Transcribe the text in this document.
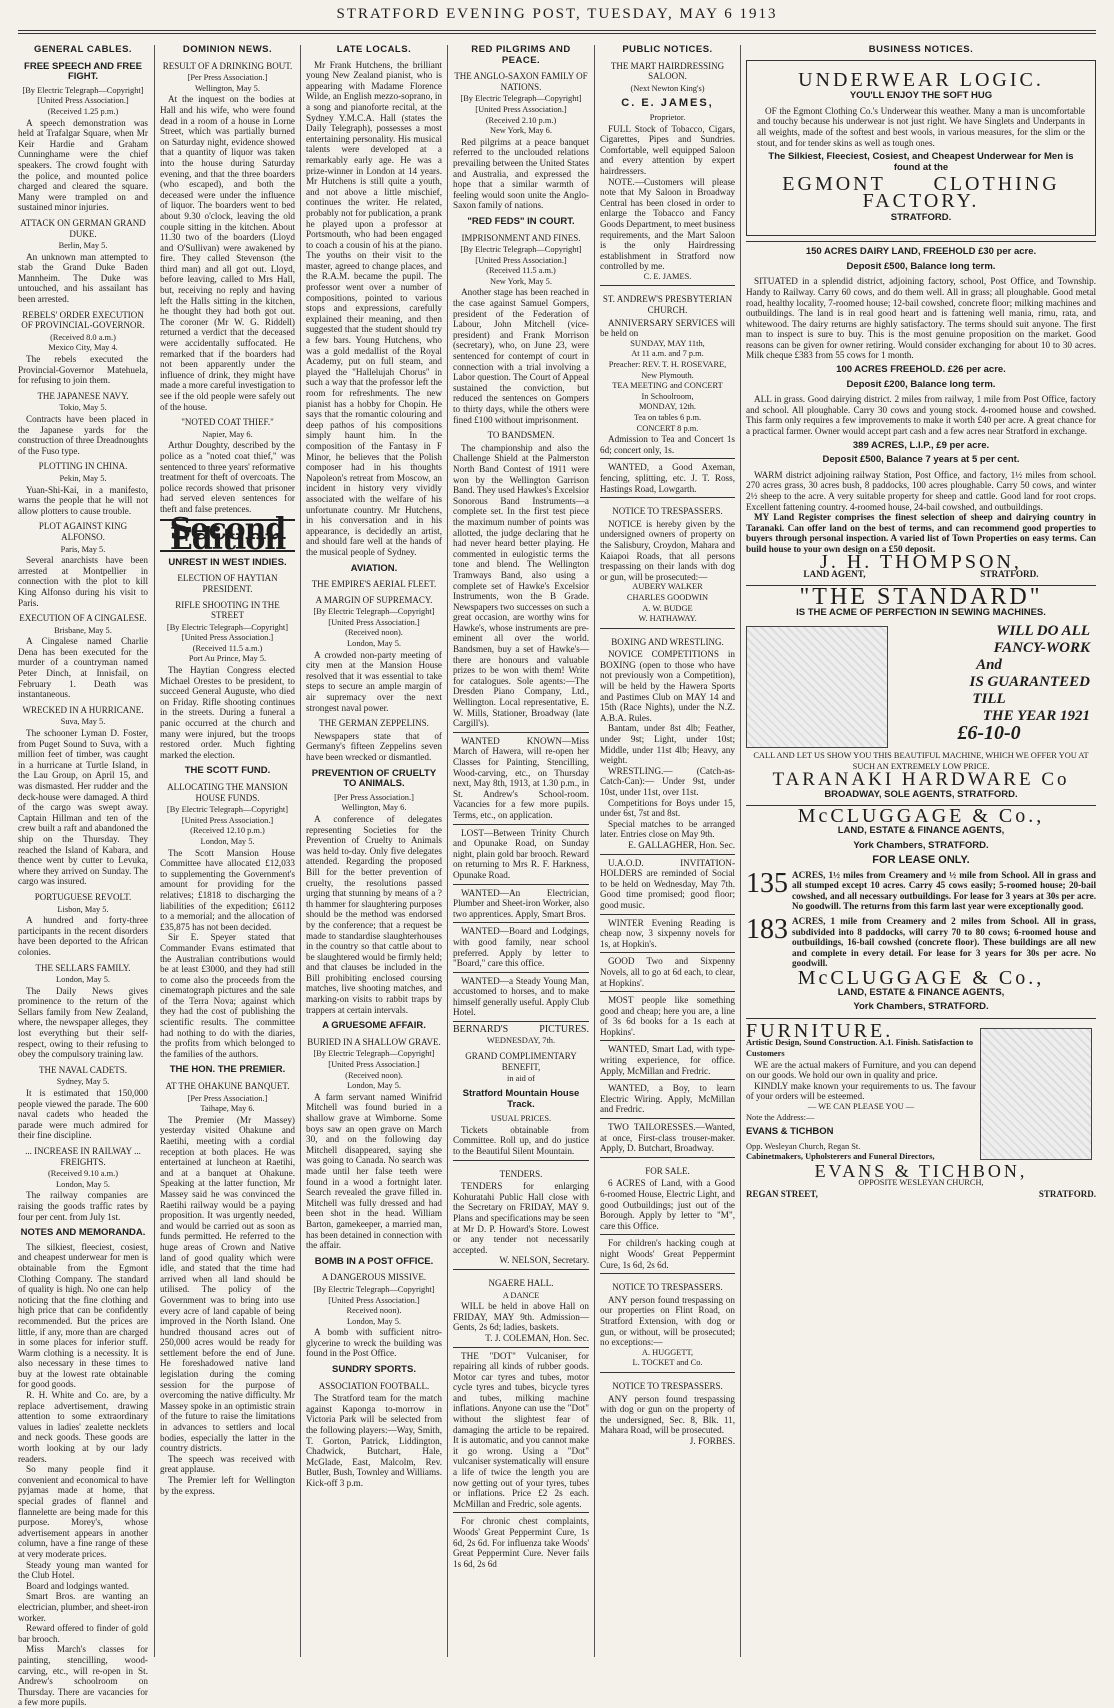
STRATFORD EVENING POST, TUESDAY, MAY 6 1913
GENERAL CABLES.
FREE SPEECH AND FREE FIGHT.
[By Electric Telegraph—Copyright] [United Press Association.]
(Received 1.25 p.m.)

A speech demonstration was held at Trafalgar Square, when Mr Keir Hardie and Graham Cunninghame were the chief speakers. The crowd fought with the police, and mounted police charged and cleared the square. Many were trampled on and sustained minor injuries.

ATTACK ON GERMAN GRAND DUKE.
Berlin, May 5.

An unknown man attempted to stab the Grand Duke Baden Mannheim. The Duke was untouched, and his assailant has been arrested.

REBELS' ORDER EXECUTION OF PROVINCIAL-GOVERNOR.
(Received 8.0 a.m.)
Mexico City, May 4.

The rebels executed the Provincial-Governor Matehuela, for refusing to join them.

THE JAPANESE NAVY.
Tokio, May 5.

Contracts have been placed in the Japanese yards for the construction of three Dreadnoughts of the Fuso type.

PLOTTING IN CHINA.
Pekin, May 5.

Yuan-Shi-Kai, in a manifesto, warns the people that he will not allow plotters to cause trouble.

PLOT AGAINST KING ALFONSO.
Paris, May 5.

Several anarchists have been arrested at Montpellier in connection with the plot to kill King Alfonso during his visit to Paris.

EXECUTION OF A CINGALESE.
Brisbane, May 5.

A Cingalese named Charlie Dena has been executed for the murder of a countryman named Peter Dinch, at Innisfail, on February 1. Death was instantaneous.

WRECKED IN A HURRICANE.
Suva, May 5.

The schooner Lyman D. Foster, from Puget Sound to Suva, with a million feet of timber, was caught in a hurricane at Turtle Island, in the Lau Group, on April 15, and was dismasted. Her rudder and the deck-house were damaged. A third of the cargo was swept away. Captain Hillman and ten of the crew built a raft and abandoned the ship on the Thursday. They reached the Island of Kabara, and thence went by cutter to Levuka, where they arrived on Sunday. The cargo was insured.

PORTUGUESE REVOLT.
Lisbon, May 5.

A hundred and forty-three participants in the recent disorders have been deported to the African colonies.

THE SELLARS FAMILY.
London, May 5.

The Daily News gives prominence to the return of the Sellars family from New Zealand, where, the newspaper alleges, they lost everything but their self-respect, owing to their refusing to obey the compulsory training law.

THE NAVAL CADETS.
Sydney, May 5.

It is estimated that 150,000 people viewed the parade. The 600 naval cadets who headed the parade were much admired for their fine discipline.

... INCREASE IN RAILWAY ... FREIGHTS.
(Received 9.10 a.m.)
London, May 5.

The railway companies are raising the goods traffic rates by four per cent. from July 1st.

NOTES AND MEMORANDA.

The silkiest, fleeciest, cosiest, and cheapest underwear for men is obtainable from the Egmont Clothing Company. The standard of quality is high. No one can help noticing that the fine clothing and high price that can be confidently recommended. But the prices are little, if any, more than are charged in some places for inferior stuff. Warm clothing is a necessity. It is also necessary in these times to buy at the lowest rate obtainable for good goods.

R. H. White and Co. are, by a replace advertisement, drawing attention to some extraordinary values in ladies' zealette necklets and neck goods. These goods are worth looking at by our lady readers.

So many people find it convenient and economical to have pyjamas made at home, that special grades of flannel and flannelette are being made for this purpose. Morey's, whose advertisement appears in another column, have a fine range of these at very moderate prices.

Steady young man wanted for the Club Hotel.

Board and lodgings wanted.

Smart Bros. are wanting an electrician, plumber, and sheet-iron worker.

Reward offered to finder of gold bar brooch.

Miss March's classes for painting, stencilling, wood-carving, etc., will re-open in St. Andrew's schoolroom on Thursday. There are vacancies for a few more pupils.

DOMINION NEWS.
RESULT OF A DRINKING BOUT.
[Per Press Association.]
Wellington, May 5.

At the inquest on the bodies at Hall and his wife, who were found dead in a room of a house in Lorne Street, which was partially burned on Saturday night, evidence showed that a quantity of liquor was taken into the house during Saturday evening, and that the three boarders (who escaped), and both the deceased were under the influence of liquor. The boarders went to bed about 9.30 o'clock, leaving the old couple sitting in the kitchen. About 11.30 two of the boarders (Lloyd and O'Sullivan) were awakened by fire. They called Stevenson (the third man) and all got out. Lloyd, before leaving, called to Mrs Hall, but, receiving no reply and having left the Halls sitting in the kitchen, he thought they had both got out. The coroner (Mr W. G. Riddell) returned a verdict that the deceased were accidentally suffocated. He remarked that if the boarders had not been apparently under the influence of drink, they might have made a more careful investigation to see if the old people were safely out of the house.

"NOTED COAT THIEF."
Napier, May 6.

Arthur Doughty, described by the police as a "noted coat thief," was sentenced to three years' reformative treatment for theft of overcoats. The police records showed that prisoner had served eleven sentences for theft and false pretences.

Second Edition
UNREST IN WEST INDIES.
ELECTION OF HAYTIAN PRESIDENT.
RIFLE SHOOTING IN THE STREET
[By Electric Telegraph—Copyright] [United Press Association.]
(Received 11.5 a.m.)
Port Au Prince, May 5.

The Haytian Congress elected Michael Orestes to be president, to succeed General Auguste, who died on Friday. Rifle shooting continues in the streets. During a funeral a panic occurred at the church and many were injured, but the troops restored order. Much fighting marked the election.

THE SCOTT FUND.
ALLOCATING THE MANSION HOUSE FUNDS.
[By Electric Telegraph—Copyright] [United Press Association.]
(Received 12.10 p.m.)
London, May 5.

The Scott Mansion House Committee have allocated £12,033 to supplementing the Government's amount for providing for the relatives; £1818 to discharging the liabilities of the expedition; £6112 to a memorial; and the allocation of £35,875 has not been decided.

Sir E. Speyer stated that Commander Evans estimated that the Australian contributions would be at least £3000, and they had still to come also the proceeds from the cinematograph pictures and the sale of the Terra Nova; against which they had the cost of publishing the scientific results. The committee had nothing to do with the diaries, the profits from which belonged to the families of the authors.

THE HON. THE PREMIER.
AT THE OHAKUNE BANQUET.
[Per Press Association.]
Taihape, May 6.

The Premier (Mr Massey) yesterday visited Ohakune and Raetihi, meeting with a cordial reception at both places. He was entertained at luncheon at Raetihi, and at a banquet at Ohakune. Speaking at the latter function, Mr Massey said he was convinced the Raetihi railway would be a paying proposition. It was urgently needed, and would be carried out as soon as funds permitted. He referred to the huge areas of Crown and Native land of good quality which were idle, and stated that the time had arrived when all land should be utilised. The policy of the Government was to bring into use every acre of land capable of being improved in the North Island. One hundred thousand acres out of 250,000 acres would be ready for settlement before the end of June. He foreshadowed native land legislation during the coming session for the purpose of overcoming the native difficulty. Mr Massey spoke in an optimistic strain of the future to raise the limitations in advances to settlers and local bodies, especially the latter in the country districts.

The speech was received with great applause.

The Premier left for Wellington by the express.

LATE LOCALS.

Mr Frank Hutchens, the brilliant young New Zealand pianist, who is appearing with Madame Florence Wilde, an English mezzo-soprano, in a song and pianoforte recital, at the Sydney Y.M.C.A. Hall (states the Daily Telegraph), possesses a most entertaining personality. His musical talents were developed at a remarkably early age. He was a prize-winner in London at 14 years. Mr Hutchens is still quite a youth, and not above a little mischief, continues the writer. He related, probably not for publication, a prank he played upon a professor at Portsmouth, who had been engaged to coach a cousin of his at the piano. The youths on their visit to the master, agreed to change places, and the R.A.M. became the pupil. The professor went over a number of compositions, pointed to various stops and expressions, carefully explained their meaning, and then suggested that the student should try a few bars. Young Hutchens, who was a gold medallist of the Royal Academy, put on full steam, and played the "Hallelujah Chorus" in such a way that the professor left the room for refreshments. The new pianist has a hobby for Chopin. He says that the romantic colouring and deep pathos of his compositions simply haunt him. In the composition of the Fantasy in F Minor, he believes that the Polish composer had in his thoughts Napoleon's retreat from Moscow, an incident in history very vividly associated with the welfare of his unfortunate country. Mr Hutchens, in his conversation and in his appearance, is decidedly an artist, and should fare well at the hands of the musical people of Sydney.

AVIATION.
THE EMPIRE'S AERIAL FLEET.
A MARGIN OF SUPREMACY.
[By Electric Telegraph—Copyright] [United Press Association.]
(Received noon).
London, May 5.

A crowded non-party meeting of city men at the Mansion House resolved that it was essential to take steps to secure an ample margin of air supremacy over the next strongest naval power.

THE GERMAN ZEPPELINS.

Newspapers state that of Germany's fifteen Zeppelins seven have been wrecked or dismantled.

PREVENTION OF CRUELTY TO ANIMALS.
[Per Press Association.]
Wellington, May 6.

A conference of delegates representing Societies for the Prevention of Cruelty to Animals was held to-day. Only five delegates attended. Regarding the proposed Bill for the better prevention of cruelty, the resolutions passed urging that stunning by means of a ?th hammer for slaughtering purposes should be the method was endorsed by the conference; that a request be made to standardise slaughterhouses in the country so that cattle about to be slaughtered would be firmly held; and that clauses be included in the Bill prohibiting enclosed coursing matches, live shooting matches, and marking-on visits to rabbit traps by trappers at certain intervals.

A GRUESOME AFFAIR.
BURIED IN A SHALLOW GRAVE.
[By Electric Telegraph—Copyright] [United Press Association.]
(Received noon).
London, May 5.

A farm servant named Winifrid Mitchell was found buried in a shallow grave at Wimborne. Some boys saw an open grave on March 30, and on the following day Mitchell disappeared, saying she was going to Canada. No search was made until her false teeth were found in a wood a fortnight later. Search revealed the grave filled in. Mitchell was fully dressed and had been shot in the head. William Barton, gamekeeper, a married man, has been detained in connection with the affair.

BOMB IN A POST OFFICE.
A DANGEROUS MISSIVE.
[By Electric Telegraph—Copyright] [United Press Association.]
Received noon).
London, May 5.

A bomb with sufficient nitro-glycerine to wreck the building was found in the Post Office.

SUNDRY SPORTS.
ASSOCIATION FOOTBALL.

The Stratford team for the match against Kaponga to-morrow in Victoria Park will be selected from the following players:—Way, Smith, T. Gorton, Patrick, Liddington, Chadwick, Butchart, Hale, McGlade, East, Malcolm, Rev. Butler, Bush, Townley and Williams. Kick-off 3 p.m.

RED PILGRIMS AND PEACE.
THE ANGLO-SAXON FAMILY OF NATIONS.
[By Electric Telegraph—Copyright] [United Press Association.]
(Received 2.10 p.m.)
New York, May 6.

Red pilgrims at a peace banquet referred to the unclouded relations prevailing between the United States and Australia, and expressed the hope that a similar warmth of feeling would soon unite the Anglo-Saxon family of nations.

"RED FEDS" IN COURT.
IMPRISONMENT AND FINES.
[By Electric Telegraph—Copyright] [United Press Association.]
(Received 11.5 a.m.)
New York, May 5.

Another stage has been reached in the case against Samuel Gompers, president of the Federation of Labour, John Mitchell (vice-president) and Frank Morrison (secretary), who, on June 23, were sentenced for contempt of court in connection with a trial involving a Labor question. The Court of Appeal sustained the conviction, but reduced the sentences on Gompers to thirty days, while the others were fined £100 without imprisonment.

TO BANDSMEN.

The championship and also the Challenge Shield at the Palmerston North Band Contest of 1911 were won by the Wellington Garrison Band. They used Hawkes's Excelsior Sonorous Band Instruments—a complete set. In the first test piece the maximum number of points was allotted, the judge declaring that he had never heard better playing. He commented in eulogistic terms the tone and blend. The Wellington Tramways Band, also using a complete set of Hawke's Excelsior Instruments, won the B Grade. Newspapers two successes on such a great occasion, are worthy wins for Hawke's, whose instruments are pre-eminent all over the world. Bandsmen, buy a set of Hawke's—there are honours and valuable prizes to be won with them! Write for catalogues. Sole agents:—The Dresden Piano Company, Ltd., Wellington. Local representative, E. W. Mills, Stationer, Broadway (late Cargill's).

WANTED KNOWN—Miss March of Hawera, will re-open her Classes for Painting, Stencilling, Wood-carving, etc., on Thursday next, May 8th, 1913, at 1.30 p.m., in St. Andrew's School-room. Vacancies for a few more pupils. Terms, etc., on application.

LOST—Between Trinity Church and Opunake Road, on Sunday night, plain gold bar brooch. Reward on returning to Mrs R. F. Harkness, Opunake Road.

WANTED—An Electrician, Plumber and Sheet-iron Worker, also two apprentices. Apply, Smart Bros.

WANTED—Board and Lodgings, with good family, near school preferred. Apply by letter to "Board," care this office.

WANTED—a Steady Young Man, accustomed to horses, and to make himself generally useful. Apply Club Hotel.

BERNARD'S	PICTURES.
WEDNESDAY, 7th.
GRAND COMPLIMENTARY BENEFIT,
in aid of
Stratford Mountain House Track.
USUAL PRICES.

Tickets obtainable from Committee. Roll up, and do justice to the Beautiful Silent Mountain.

TENDERS.

TENDERS for enlarging Kohuratahi Public Hall close with the Secretary on FRIDAY, MAY 9. Plans and specifications may be seen at Mr D. P. Howard's Store. Lowest or any tender not necessarily accepted.

W. NELSON, Secretary.
NGAERE HALL.
A DANCE

WILL be held in above Hall on FRIDAY, MAY 9th. Admission—Gents, 2s 6d; ladies, baskets.

T. J. COLEMAN, Hon. Sec.

THE "DOT" Vulcaniser, for repairing all kinds of rubber goods. Motor car tyres and tubes, motor cycle tyres and tubes, bicycle tyres and tubes, milking machine inflations. Anyone can use the "Dot" without the slightest fear of damaging the article to be repaired. It is automatic, and you cannot make it go wrong. Using a "Dot" vulcaniser systematically will ensure a life of twice the length you are now getting out of your tyres, tubes or inflations. Price £2 2s each. McMillan and Fredric, sole agents.

For chronic chest complaints, Woods' Great Peppermint Cure, 1s 6d, 2s 6d. For influenza take Woods' Great Peppermint Cure. Never fails 1s 6d, 2s 6d

PUBLIC NOTICES.
THE MART HAIRDRESSING SALOON.
(Next Newton King's)
C. E. JAMES,
Proprietor.

FULL Stock of Tobacco, Cigars, Cigarettes, Pipes and Sundries. Comfortable, well equipped Saloon and every attention by expert hairdressers.

NOTE.—Customers will please note that My Saloon in Broadway Central has been closed in order to enlarge the Tobacco and Fancy Goods Department, to meet business requirements, and the Mart Saloon is the only Hairdressing establishment in Stratford now controlled by me.

C. E. JAMES.
ST. ANDREW'S PRESBYTERIAN CHURCH.

ANNIVERSARY SERVICES will be held on

SUNDAY, MAY 11th,
At 11 a.m. and 7 p.m.
Preacher: REV. T. H. ROSEVARE, New Plymouth.
TEA MEETING and CONCERT
In Schoolroom,
MONDAY, 12th.
Tea on tables 6 p.m.
CONCERT 8 p.m.

Admission to Tea and Concert 1s 6d; concert only, 1s.

WANTED, a Good Axeman, fencing, splitting, etc. J. T. Ross, Hastings Road, Lowgarth.

NOTICE TO TRESPASSERS.

NOTICE is hereby given by the undersigned owners of property on the Salisbury, Croydon, Mahara and Kaiapoi Roads, that all persons trespassing on their lands with dog or gun, will be prosecuted:—

AUBERY WALKER
CHARLES GOODWIN
A. W. BUDGE
W. HATHAWAY.
BOXING AND WRESTLING.

NOVICE COMPETITIONS in BOXING (open to those who have not previously won a Competition), will be held by the Hawera Sports and Pastimes Club on MAY 14 and 15th (Race Nights), under the N.Z. A.B.A. Rules.

Bantam, under 8st 4lb; Feather, under 9st; Light, under 10st; Middle, under 11st 4lb; Heavy, any weight.

WRESTLING.— (Catch-as-Catch-Can):— Under 9st, under 10st, under 11st, over 11st.

Competitions for Boys under 15, under 6st, 7st and 8st.

Special matches to be arranged later. Entries close on May 9th.

E. GALLAGHER, Hon. Sec.

U.A.O.D. INVITATION-HOLDERS are reminded of Social to be held on Wednesday, May 7th. Good time promised; good floor; good music.

WINTER Evening Reading is cheap now, 3 sixpenny novels for 1s, at Hopkin's.

GOOD Two and Sixpenny Novels, all to go at 6d each, to clear, at Hopkins'.

MOST people like something good and cheap; here you are, a line of 3s 6d books for a 1s each at Hopkins'.

WANTED, Smart Lad, with type-writing experience, for office. Apply, McMillan and Fredric.

WANTED, a Boy, to learn Electric Wiring. Apply, McMillan and Fredric.

TWO TAILORESSES.—Wanted, at once, First-class trouser-maker. Apply, D. Butchart, Broadway.

FOR SALE.

6 ACRES of Land, with a Good 6-roomed House, Electric Light, and good Outbuildings; just out of the Borough. Apply by letter to "M", care this Office.

For children's hacking cough at night Woods' Great Peppermint Cure, 1s 6d, 2s 6d.

NOTICE TO TRESPASSERS.

ANY person found trespassing on our properties on Flint Road, on Stratford Extension, with dog or gun, or without, will be prosecuted; no exceptions:—

A. HUGGETT,
L. TOCKET and Co.
NOTICE TO TRESPASSERS.

ANY person found trespassing with dog or gun on the property of the undersigned, Sec. 8, Blk. 11, Mahara Road, will be prosecuted.

J. FORBES.
BUSINESS NOTICES.
UNDERWEAR LOGIC.
YOU'LL ENJOY THE SOFT HUG

OF the Egmont Clothing Co.'s Underwear this weather. Many a man is uncomfortable and touchy because his underwear is not just right. We have Singlets and Underpants in all weights, made of the softest and best wools, in various measures, for the slim or the stout, and for tender skins as well as tough ones.

The Silkiest, Fleeciest, Cosiest, and Cheapest Underwear for Men is found at the
EGMONT CLOTHING
FACTORY.
STRATFORD.
150 ACRES DAIRY LAND, FREEHOLD £30 per acre.
Deposit £500, Balance long term.

SITUATED in a splendid district, adjoining factory, school, Post Office, and Township. Handy to Railway. Carry 60 cows, and do them well. All in grass; all ploughable. Good metal road, healthy locality, 7-roomed house; 12-bail cowshed, concrete floor; milking machines and outbuildings. The land is in real good heart and is fattening well mania, rimu, rata, and whitewood. The dairy returns are highly satisfactory. The terms should suit anyone. The first man to inspect is sure to buy. This is the most genuine proposition on the market. Good reasons can be given for owner retiring. Would consider exchanging for about 10 to 30 acres. Milk cheque £383 from 55 cows for 1 month.

100 ACRES FREEHOLD. £26 per acre.
Deposit £200, Balance long term.

ALL in grass. Good dairying district. 2 miles from railway, 1 mile from Post Office, factory and school. All ploughable. Carry 30 cows and young stock. 4-roomed house and cowshed. This farm only requires a few improvements to make it worth £40 per acre. A great chance for a practical farmer. Owner would accept part cash and a few acres near Stratford in exchange.

389 ACRES, L.I.P., £9 per acre.
Deposit £500, Balance 7 years at 5 per cent.

WARM district adjoining railway Station, Post Office, and factory, 1½ miles from school. 270 acres grass, 30 acres bush, 8 paddocks, 100 acres ploughable. Carry 50 cows, and winter 2½ sheep to the acre. A very suitable property for sheep and cattle. Good land for root crops. Excellent fattening country. 4-roomed house, 24-bail cowshed, and outbuildings.

MY Land Register comprises the finest selection of sheep and dairying country in Taranaki. Can offer land on the best of terms, and can recommend good properties to buyers through personal inspection. A varied list of Town Properties on easy terms. Can build house to your own design on a £50 deposit.

J. H. THOMPSON,
LAND AGENT,	STRATFORD.
"THE STANDARD"
IS THE ACME OF PERFECTION IN SEWING MACHINES.

WILL DO ALL

FANCY-WORK

And

IS GUARANTEED

TILL

THE YEAR 1921

£6-10-0

CALL AND LET US SHOW YOU THIS BEAUTIFUL MACHINE, WHICH WE OFFER YOU AT SUCH AN EXTREMELY LOW PRICE.
TARANAKI HARDWARE Co
BROADWAY, SOLE AGENTS, STRATFORD.
McCLUGGAGE & Co.,
LAND, ESTATE & FINANCE AGENTS,
York Chambers, STRATFORD.
FOR LEASE ONLY.
135 ACRES, 1½ miles from Creamery and ½ mile from School. All in grass and all stumped except 10 acres. Carry 45 cows easily; 5-roomed house; 20-bail cowshed, and all necessary outbuildings. For lease for 3 years at 30s per acre. No goodwill. The returns from this farm last year were exceptionally good.

183 ACRES, 1 mile from Creamery and 2 miles from School. All in grass, subdivided into 8 paddocks, will carry 70 to 80 cows; 6-roomed house and outbuildings, 16-bail cowshed (concrete floor). These buildings are all new and complete in every detail. For lease for 3 years for 30s per acre. No goodwill.

McCLUGGAGE & Co.,
LAND, ESTATE & FINANCE AGENTS,
York Chambers, STRATFORD.
FURNITURE.
Artistic Design, Sound Construction. A.1. Finish. Satisfaction to Customers

WE are the actual makers of Furniture, and you can depend on our goods. We hold our own in quality and price.

KINDLY make known your requirements to us. The favour of your orders will be esteemed.

— WE CAN PLEASE YOU —
Note the Address:—
EVANS & TICHBON
Opp. Wesleyan Church, Regan St.
Cabinetmakers, Upholsterers and Funeral Directors,
EVANS & TICHBON,
OPPOSITE WESLEYAN CHURCH,
REGAN STREET,	STRATFORD.
